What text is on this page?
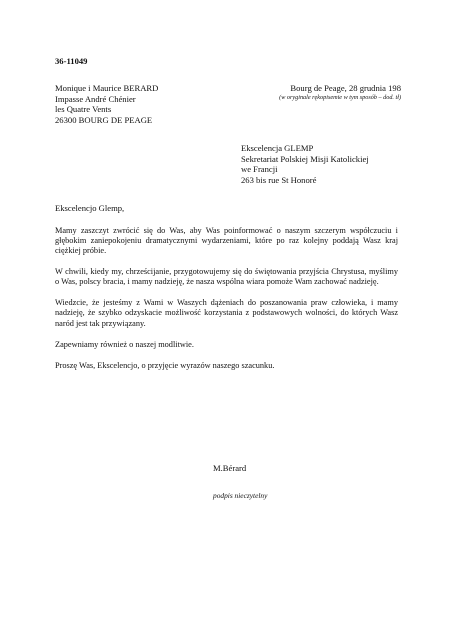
36-11049
Monique i Maurice BERARD
Impasse André Chénier
les Quatre Vents
26300 BOURG DE PEAGE
Bourg de Peage, 28 grudnia 198
(w oryginale rękopisemie w tym sposób – dod. tł)
Ekscelencja GLEMP
Sekretariat Polskiej Misji Katolickiej
we Francji
263 bis rue St Honoré

Ekscelencjo Glemp,

Mamy zaszczyt zwrócić się do Was, aby Was poinformować o naszym szczerym współczuciu i głębokim zaniepokojeniu dramatycznymi wydarzeniami, które po raz kolejny poddają Wasz kraj ciężkiej próbie.

W chwili, kiedy my, chrześcijanie, przygotowujemy się do świętowania przyjścia Chrystusa, myślimy o Was, polscy bracia, i mamy nadzieję, że nasza wspólna wiara pomoże Wam zachować nadzieję.

Wiedzcie, że jesteśmy z Wami w Waszych dążeniach do poszanowania praw człowieka, i mamy nadzieję, że szybko odzyskacie możliwość korzystania z podstawowych wolności, do których Wasz naród jest tak przywiązany.

Zapewniamy również o naszej modlitwie.

Proszę Was, Ekscelencjo, o przyjęcie wyrazów naszego szacunku.

M.Bérard
podpis nieczytelny
